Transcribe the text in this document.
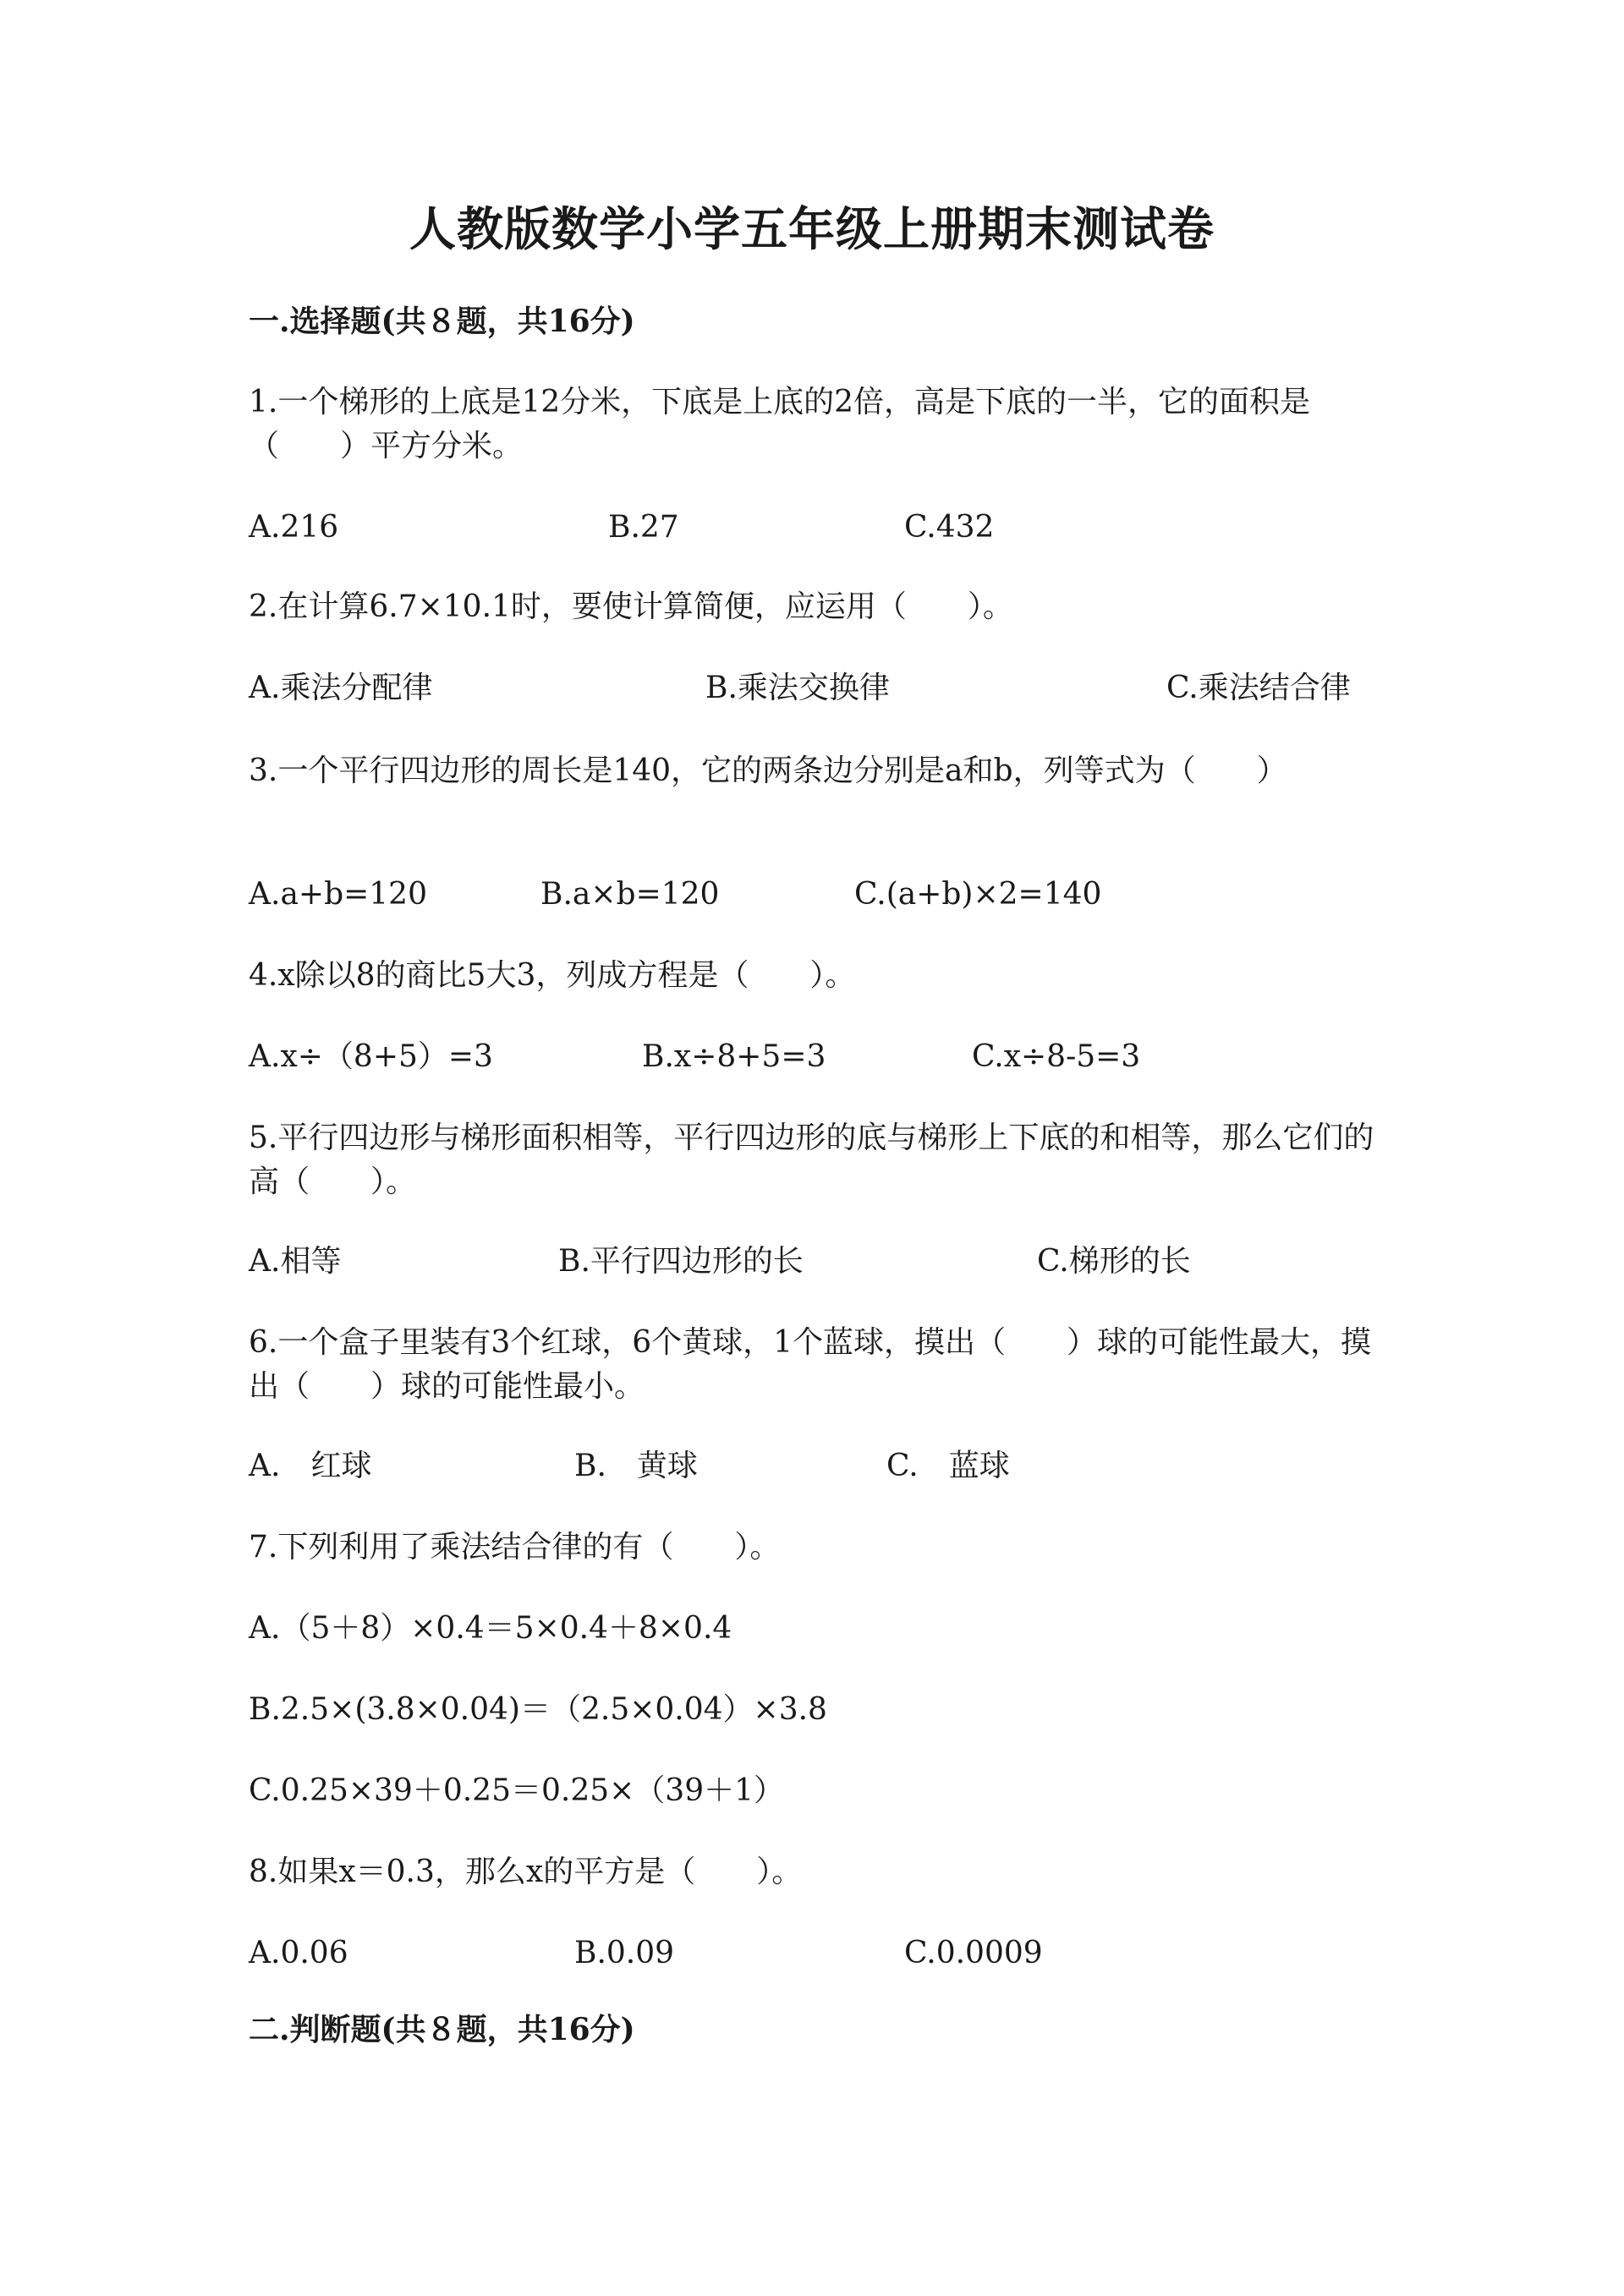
人教版数学小学五年级上册期末测试卷
一.选择题(共８题，共16分)
1.一个梯形的上底是12分米，下底是上底的2倍，高是下底的一半，它的面积是（　　）平方分米。
A.216	B.27	C.432
2.在计算6.7×10.1时，要使计算简便，应运用（　　）。
A.乘法分配律	B.乘法交换律	C.乘法结合律
3.一个平行四边形的周长是140，它的两条边分别是a和b，列等式为（　　）
A.a+b=120	B.a×b=120	C.(a+b)×2=140
4.x除以8的商比5大3，列成方程是（　　）。
A.x÷（8+5）=3	B.x÷8+5=3	C.x÷8-5=3
5.平行四边形与梯形面积相等，平行四边形的底与梯形上下底的和相等，那么它们的高（　　）。
A.相等	B.平行四边形的长	C.梯形的长
6.一个盒子里装有3个红球，6个黄球，1个蓝球，摸出（　　）球的可能性最大，摸出（　　）球的可能性最小。
A.　红球	B.　黄球	C.　蓝球
7.下列利用了乘法结合律的有（　　）。
A.（5＋8）×0.4＝5×0.4＋8×0.4
B.2.5×(3.8×0.04)＝（2.5×0.04）×3.8
C.0.25×39＋0.25＝0.25×（39＋1）
8.如果x＝0.3，那么x的平方是（　　）。
A.0.06	B.0.09	C.0.0009
二.判断题(共８题，共16分)
